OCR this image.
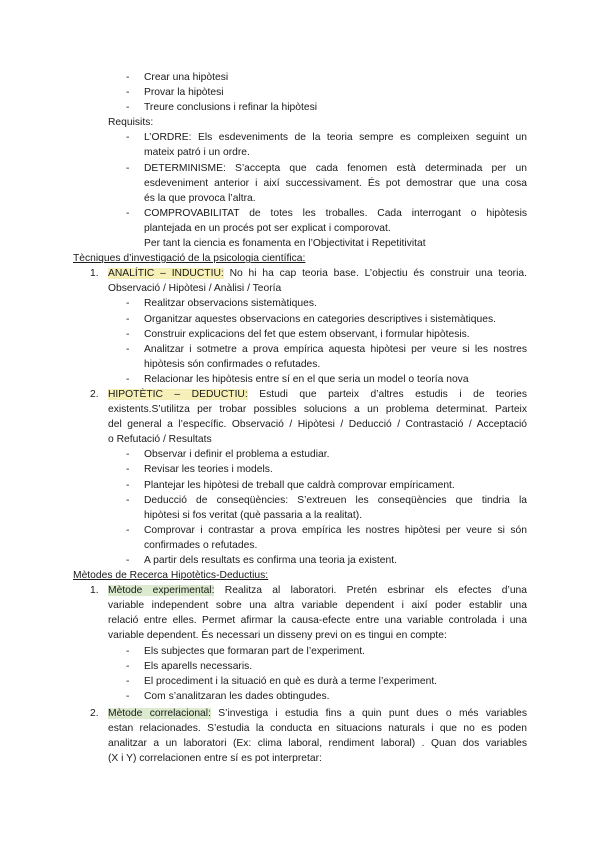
- Crear una hipòtesi
- Provar la hipòtesi
- Treure conclusions i refinar la hipòtesi
Requisits:
- L’ORDRE: Els esdeveniments de la teoria sempre es compleixen seguint un
mateix patró i un ordre.
- DETERMINISME: S’accepta que cada fenomen està determinada per un
esdeveniment anterior i així successivament. És pot demostrar que una cosa
és la que provoca l’altra.
- COMPROVABILITAT de totes les troballes. Cada interrogant o hipòtesis
plantejada en un procés pot ser explicat i comporovat.
Per tant la ciencia es fonamenta en l’Objectivitat i Repetitivitat
Tècniques d’investigació de la psicologia científica:
1. ANALÍTIC – INDUCTIU: No hi ha cap teoria base. L’objectiu és construir una teoria.
Observació / Hipòtesi / Anàlisi / Teoría
- Realitzar observacions sistemàtiques.
- Organitzar aquestes observacions en categories descriptives i sistemàtiques.
- Construir explicacions del fet que estem observant, i formular hipòtesis.
- Analitzar i sotmetre a prova empírica aquesta hipòtesi per veure si les nostres
hipòtesis són confirmades o refutades.
- Relacionar les hipòtesis entre sí en el que seria un model o teoría nova
2. HIPOTÈTIC – DEDUCTIU: Estudi que parteix d’altres estudis i de teories
existents.S’utilitza per trobar possibles solucions a un problema determinat. Parteix
del general a l’específic. Observació / Hipòtesi / Deducció / Contrastació / Acceptació
o Refutació / Resultats
- Observar i definir el problema a estudiar.
- Revisar les teories i models.
- Plantejar les hipòtesi de treball que caldrà comprovar empíricament.
- Deducció de conseqüències: S’extreuen les conseqüències que tindria la
hipòtesi si fos veritat (què passaria a la realitat).
- Comprovar i contrastar a prova empírica les nostres hipòtesi per veure si són
confirmades o refutades.
- A partir dels resultats es confirma una teoria ja existent.
Mètodes de Recerca Hipotètics-Deductius:
1. Mètode experimental: Realitza al laboratori. Pretén esbrinar els efectes d’una
variable independent sobre una altra variable dependent i així poder establir una
relació entre elles. Permet afirmar la causa-efecte entre una variable controlada i una
variable dependent. És necessari un disseny previ on es tingui en compte:
- Els subjectes que formaran part de l’experiment.
- Els aparells necessaris.
- El procediment i la situació en què es durà a terme l’experiment.
- Com s’analitzaran les dades obtingudes.
2. Mètode correlacional: S’investiga i estudia fins a quin punt dues o més variables
estan relacionades. S’estudia la conducta en situacions naturals i que no es poden
analitzar a un laboratori (Ex: clima laboral, rendiment laboral) . Quan dos variables
(X i Y) correlacionen entre sí es pot interpretar:
